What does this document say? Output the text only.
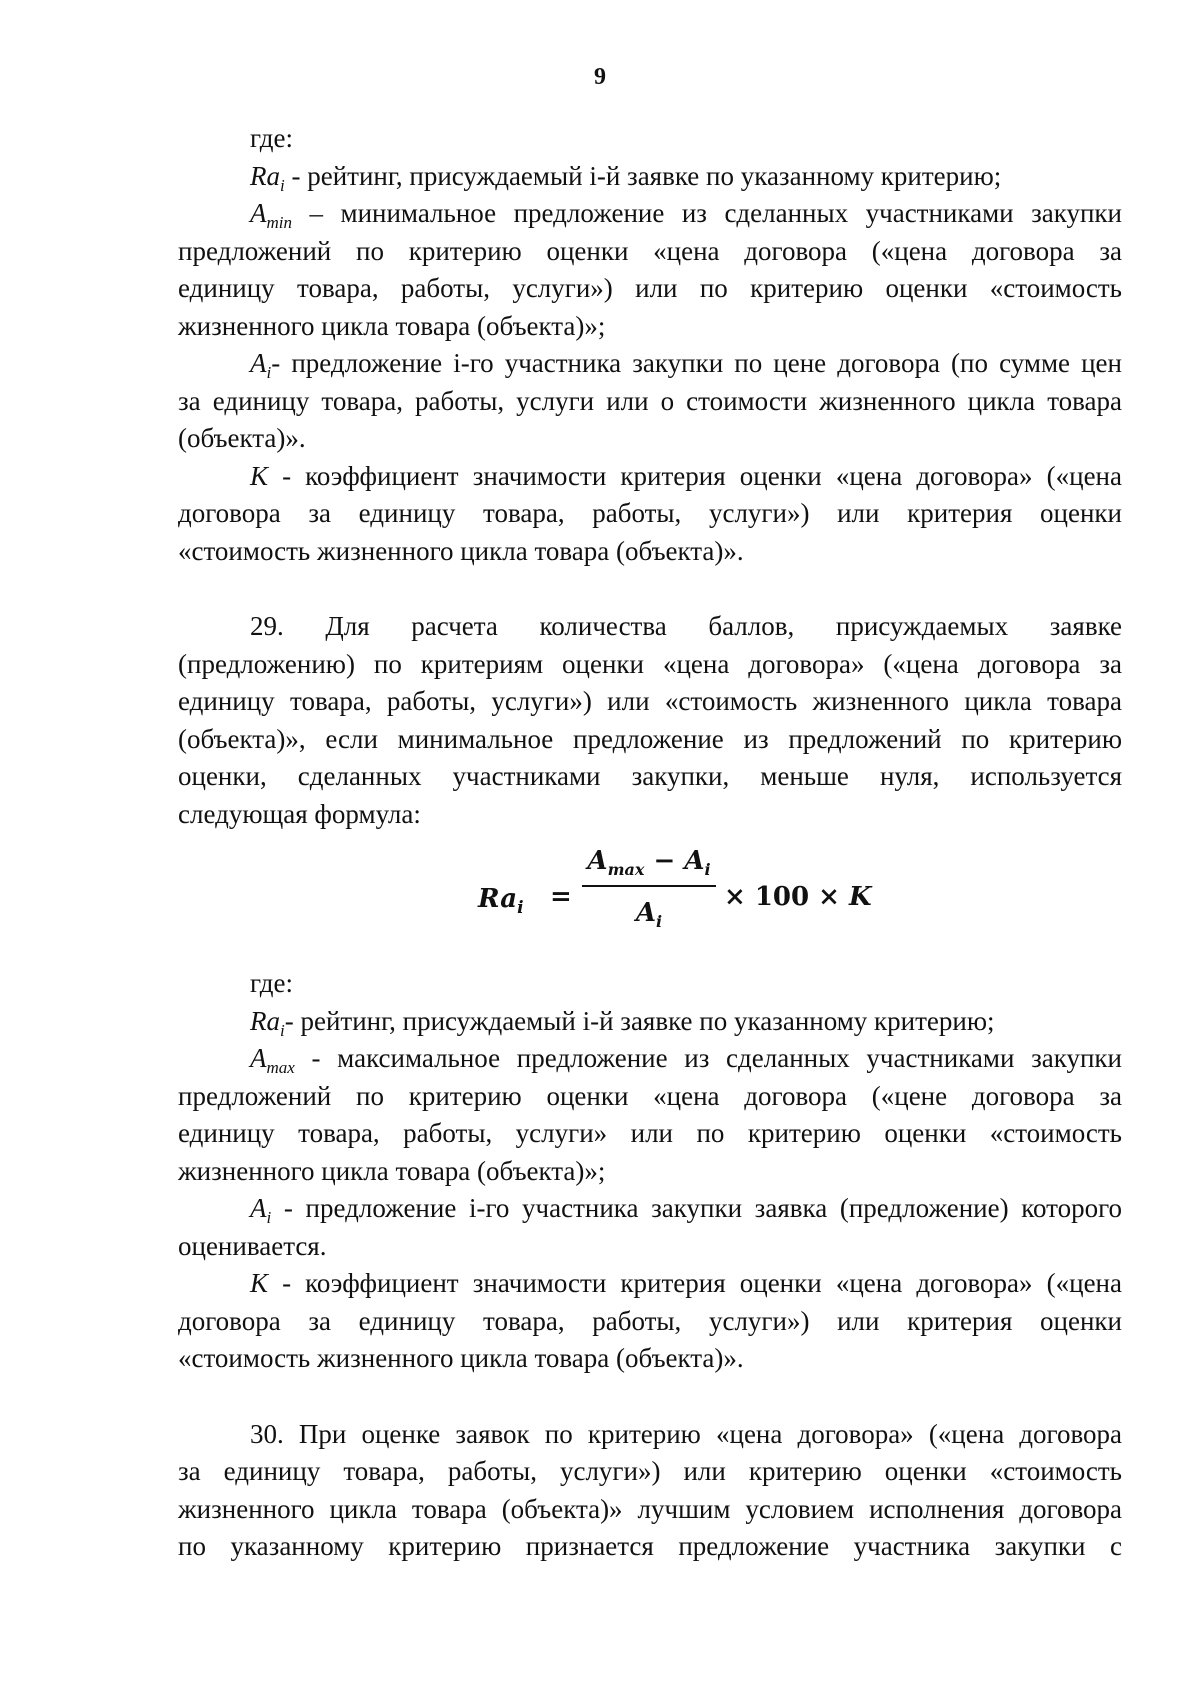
9
где:
$Ra_i$ - рейтинг, присуждаемый i-й заявке по указанному критерию;
$A_{min}$ – минимальное предложение из сделанных участниками закупки
предложений по критерию оценки «цена договора («цена договора за
единицу товара, работы, услуги») или по критерию оценки «стоимость
жизненного цикла товара (объекта)»;
$A_i-$ предложение i-го участника закупки по цене договора (по сумме цен
за единицу товара, работы, услуги или о стоимости жизненного цикла товара
(объекта)».
К - коэффициент значимости критерия оценки «цена договора» («цена
договора за единицу товара, работы, услуги») или критерия оценки
«стоимость жизненного цикла товара (объекта)».
29. Для расчета количества баллов, присуждаемых заявке
(предложению) по критериям оценки «цена договора» («цена договора за
единицу товара, работы, услуги») или «стоимость жизненного цикла товара
(объекта)», если минимальное предложение из предложений по критерию
оценки, сделанных участниками закупки, меньше нуля, используется
следующая формула:
$Ra_i$ =
$A_{max} - A_i$
$A_i$
× 100 × K
где:
$Ra_i-$ рейтинг, присуждаемый i-й заявке по указанному критерию;
$A_{max}$ - максимальное предложение из сделанных участниками закупки
предложений по критерию оценки «цена договора («цене договора за
единицу товара, работы, услуги» или по критерию оценки «стоимость
жизненного цикла товара (объекта)»;
$A_i$ - предложение i-го участника закупки заявка (предложение) которого
оценивается.
К - коэффициент значимости критерия оценки «цена договора» («цена
договора за единицу товара, работы, услуги») или критерия оценки
«стоимость жизненного цикла товара (объекта)».
30. При оценке заявок по критерию «цена договора» («цена договора
за единицу товара, работы, услуги») или критерию оценки «стоимость
жизненного цикла товара (объекта)» лучшим условием исполнения договора
по указанному критерию признается предложение участника закупки с
